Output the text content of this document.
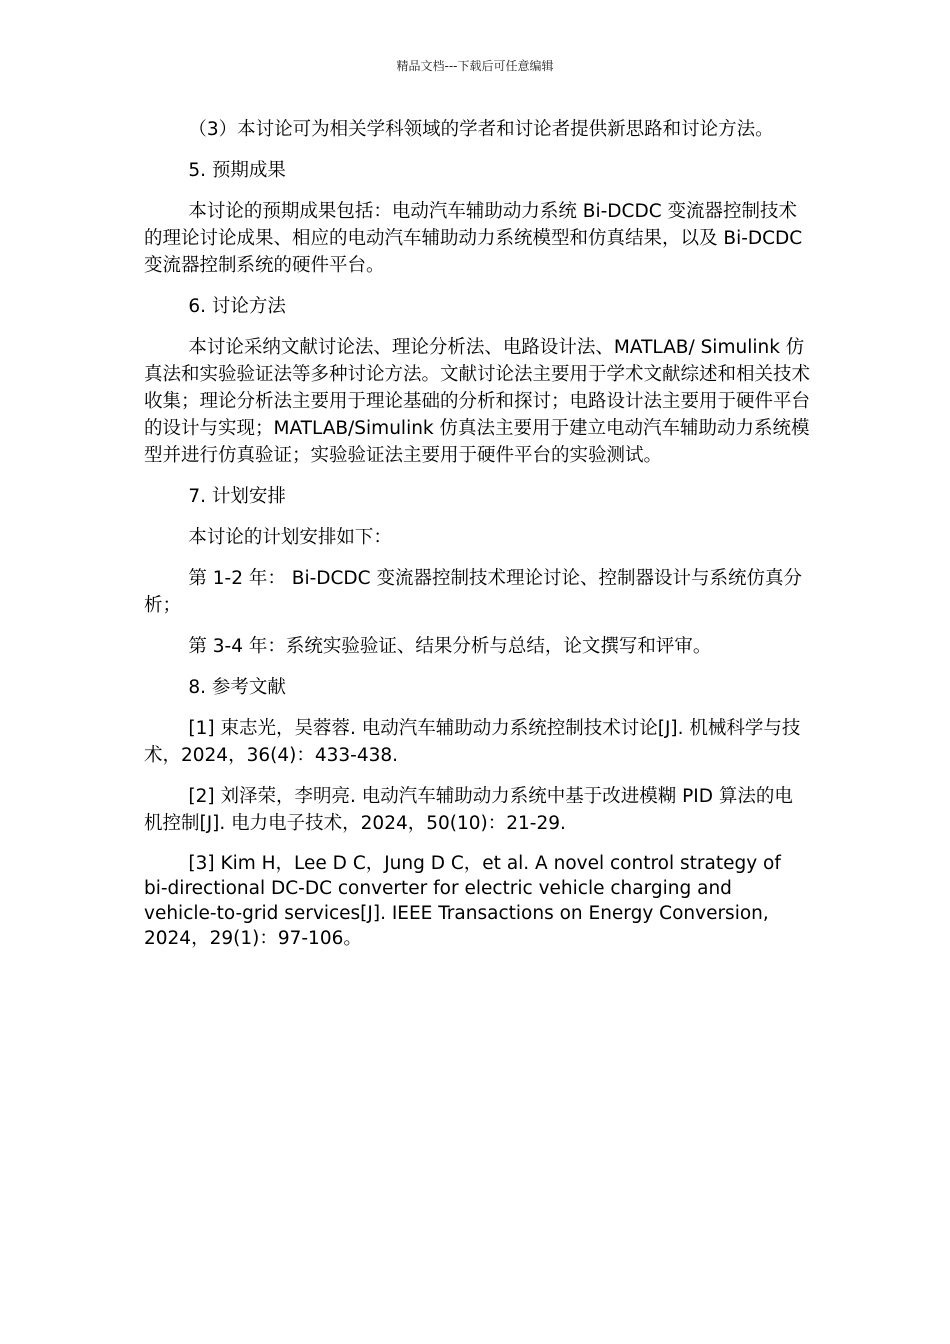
精品文档---下载后可任意编辑

（3）本讨论可为相关学科领域的学者和讨论者提供新思路和讨论方法。

5. 预期成果

本讨论的预期成果包括：电动汽车辅助动力系统 Bi-DCDC 变流器控制技术的理论讨论成果、相应的电动汽车辅助动力系统模型和仿真结果，以及 Bi-DCDC 变流器控制系统的硬件平台。

6. 讨论方法

本讨论采纳文献讨论法、理论分析法、电路设计法、MATLAB/ Simulink 仿真法和实验验证法等多种讨论方法。文献讨论法主要用于学术文献综述和相关技术收集；理论分析法主要用于理论基础的分析和探讨；电路设计法主要用于硬件平台的设计与实现；MATLAB/Simulink 仿真法主要用于建立电动汽车辅助动力系统模型并进行仿真验证；实验验证法主要用于硬件平台的实验测试。

7. 计划安排

本讨论的计划安排如下：

第 1-2 年： Bi-DCDC 变流器控制技术理论讨论、控制器设计与系统仿真分析；

第 3-4 年：系统实验验证、结果分析与总结，论文撰写和评审。

8. 参考文献

[1] 束志光，吴蓉蓉. 电动汽车辅助动力系统控制技术讨论[J]. 机械科学与技术，2024，36(4)：433-438.

[2] 刘泽荣，李明亮. 电动汽车辅助动力系统中基于改进模糊 PID 算法的电机控制[J]. 电力电子技术，2024，50(10)：21-29.

[3] Kim H，Lee D C，Jung D C，et al. A novel control strategy of bi-directional DC-DC converter for electric vehicle charging and vehicle-to-grid services[J]. IEEE Transactions on Energy Conversion, 2024，29(1)：97-106。
